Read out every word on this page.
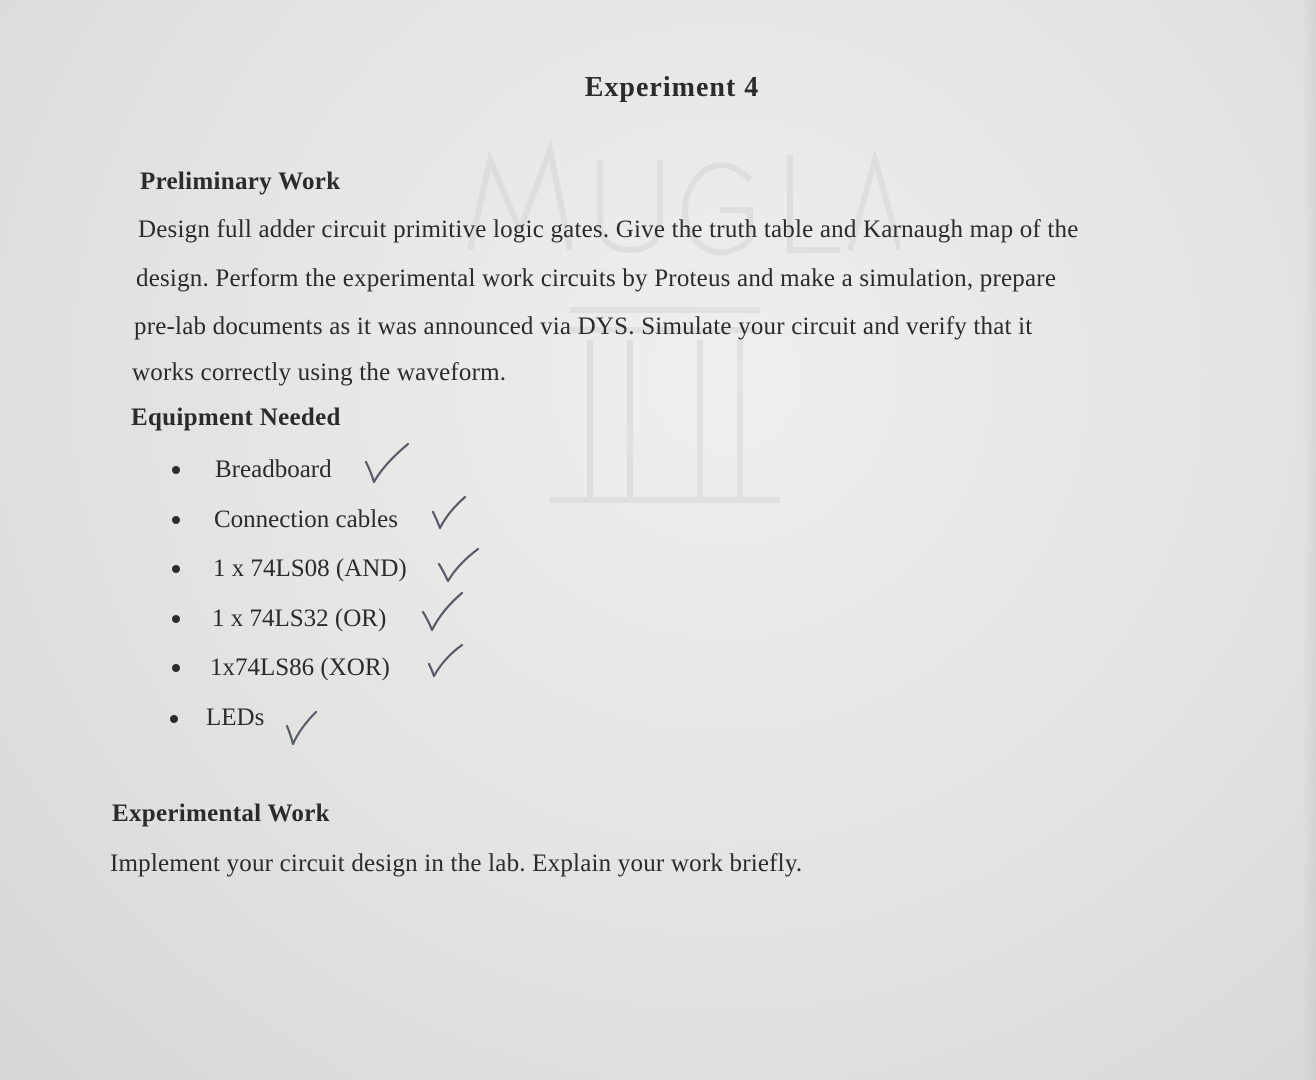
Experiment 4
Preliminary Work
Design full adder circuit primitive logic gates. Give the truth table and Karnaugh map of the
design. Perform the experimental work circuits by Proteus and make a simulation, prepare
pre-lab documents as it was announced via DYS. Simulate your circuit and verify that it
works correctly using the waveform.
Equipment Needed
Breadboard
Connection cables
1 x 74LS08 (AND)
1 x 74LS32 (OR)
1x74LS86 (XOR)
LEDs
Experimental Work
Implement your circuit design in the lab. Explain your work briefly.
